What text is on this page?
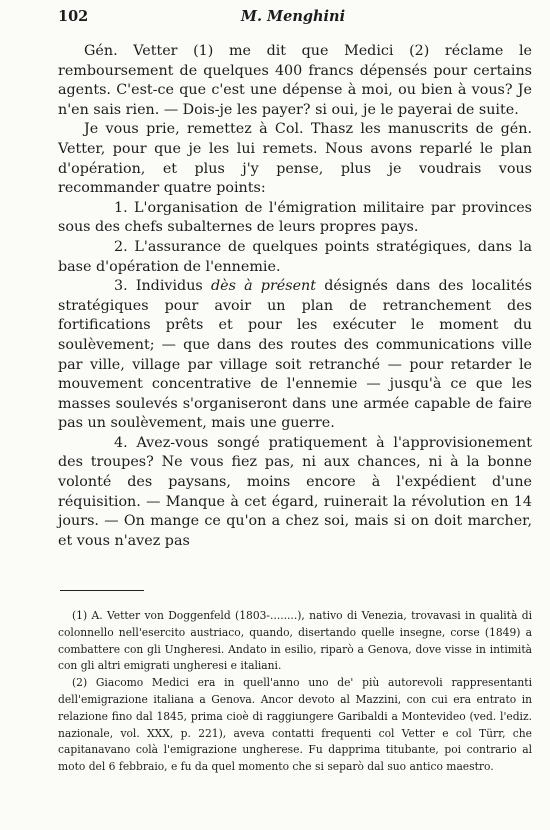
102	M. Menghini

Gén. Vetter (1) me dit que Medici (2) réclame le remboursement de quelques 400 francs dépensés pour certains agents. C'est-ce que c'est une dépense à moi, ou bien à vous? Je n'en sais rien. — Dois-je les payer? si oui, je le payerai de suite.

Je vous prie, remettez à Col. Thasz les manuscrits de gén. Vetter, pour que je les lui remets. Nous avons reparlé le plan d'opération, et plus j'y pense, plus je voudrais vous recommander quatre points:

1. L'organisation de l'émigration militaire par provinces sous des chefs subalternes de leurs propres pays.

2. L'assurance de quelques points stratégiques, dans la base d'opération de l'ennemie.

3. Individus dès à présent désignés dans des localités stratégiques pour avoir un plan de retranchement des fortifications prêts et pour les exécuter le moment du soulèvement; — que dans des routes des communications ville par ville, village par village soit retranché — pour retarder le mouvement concentrative de l'ennemie — jusqu'à ce que les masses soulevés s'organiseront dans une armée capable de faire pas un soulèvement, mais une guerre.

4. Avez-vous songé pratiquement à l'approvisionement des troupes? Ne vous fiez pas, ni aux chances, ni à la bonne volonté des paysans, moins encore à l'expédient d'une réquisition. — Manque à cet égard, ruinerait la révolution en 14 jours. — On mange ce qu'on a chez soi, mais si on doit marcher, et vous n'avez pas

(1) A. Vetter von Doggenfeld (1803-........), nativo di Venezia, trovavasi in qualità di colonnello nell'esercito austriaco, quando, disertando quelle insegne, corse (1849) a combattere con gli Ungheresi. Andato in esilio, riparò a Genova, dove visse in intimità con gli altri emigrati ungheresi e italiani.

(2) Giacomo Medici era in quell'anno uno de' più autorevoli rappresentanti dell'emigrazione italiana a Genova. Ancor devoto al Mazzini, con cui era entrato in relazione fino dal 1845, prima cioè di raggiungere Garibaldi a Montevideo (ved. l'ediz. nazionale, vol. XXX, p. 221), aveva contatti frequenti col Vetter e col Türr, che capitanavano colà l'emigrazione ungherese. Fu dapprima titubante, poi contrario al moto del 6 febbraio, e fu da quel momento che si separò dal suo antico maestro.
